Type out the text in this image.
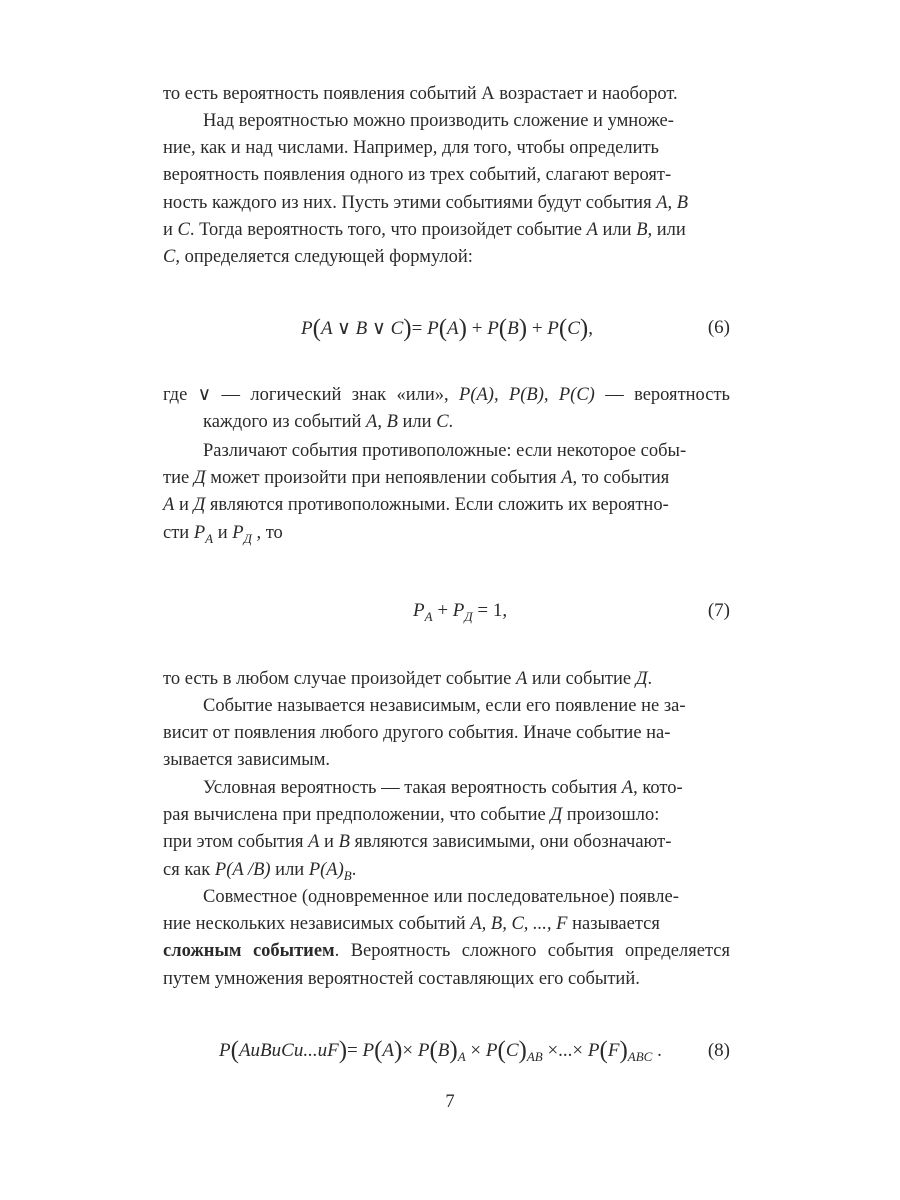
то есть вероятность появления событий А возрастает и наоборот.

Над вероятностью можно производить сложение и умноже-
ние, как и над числами. Например, для того, чтобы определить
вероятность появления одного из трех событий, слагают вероят-
ность каждого из них. Пусть этими событиями будут события A, B
и C. Тогда вероятность того, что произойдет событие A или B, или
C, определяется следующей формулой:

P(A ∨ B ∨ C)= P(A) + P(B) + P(C),	(6)

где ∨ — логический знак «или», P(A), P(B), P(C) — вероятность каждого из событий A, B или C.

Различают события противоположные: если некоторое собы-
тие Д может произойти при непоявлении события A, то события
A и Д являются противоположными. Если сложить их вероятно-
сти $P_A$ и $P_Д$ , то

$P_A + P_Д = 1$,	(7)

то есть в любом случае произойдет событие A или событие Д.

Событие называется независимым, если его появление не за-
висит от появления любого другого события. Иначе событие на-
зывается зависимым.

Условная вероятность — такая вероятность события A, кото-
рая вычислена при предположении, что событие Д произошло:
при этом события A и B являются зависимыми, они обозначают-
ся как P(A /B) или $P(A)_B$.

Совместное (одновременное или последовательное) появле-
ние нескольких независимых событий A, B, C, ..., F называется
сложным событием. Вероятность сложного события определяется путем умножения вероятностей составляющих его событий.

P(AиBиCи...иF)= $P(A)\times P(B)_A \times P(C)_{AB}$ ×...× $P(F)_{ABC}$ . (8)
7
